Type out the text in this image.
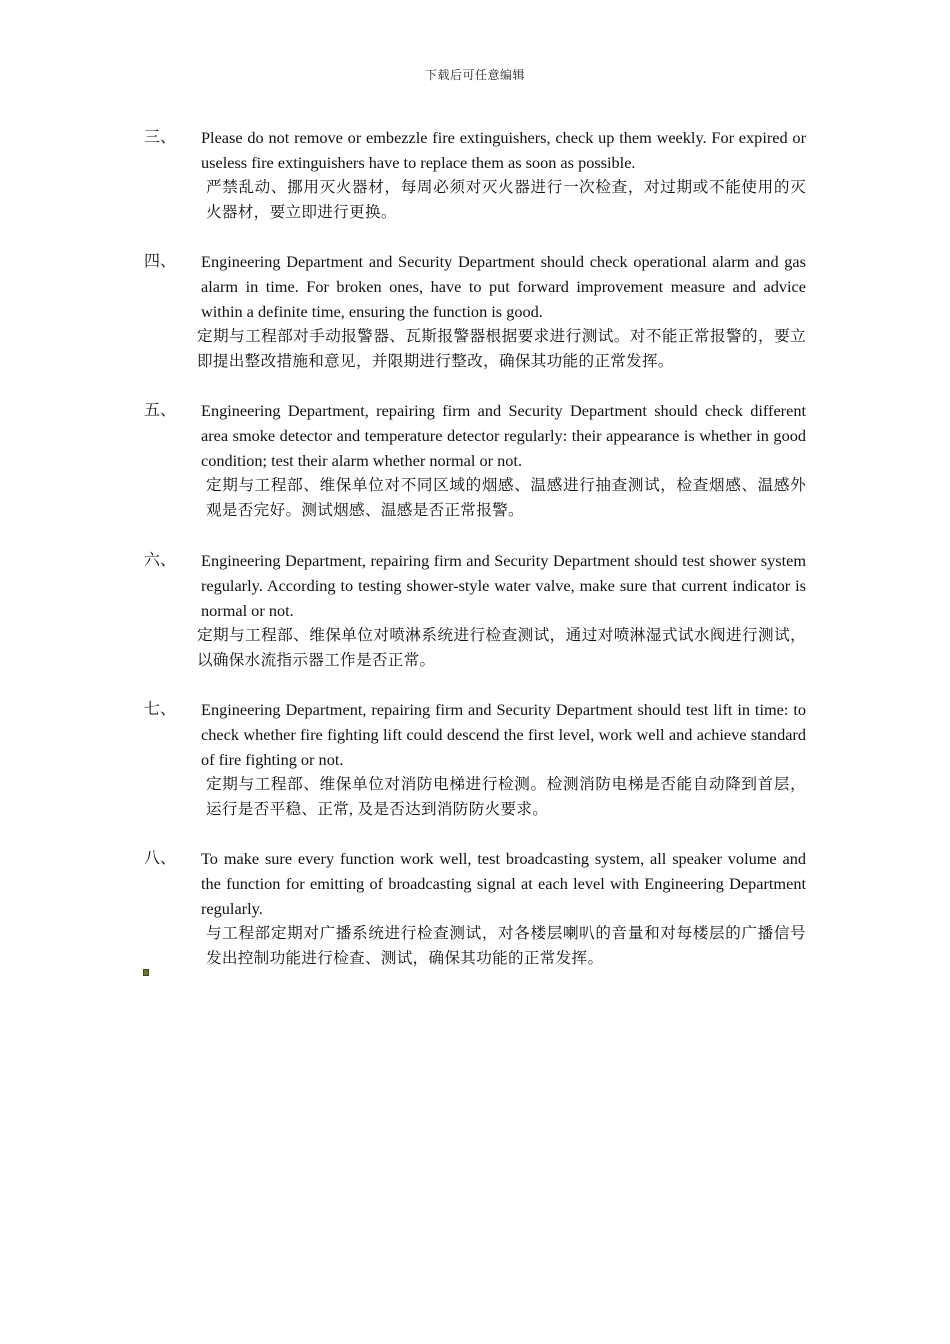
下载后可任意编辑
三、 Please do not remove or embezzle fire extinguishers, check up them weekly. For expired or useless fire extinguishers have to replace them as soon as possible.
严禁乱动、挪用灭火器材，每周必须对灭火器进行一次检查，对过期或不能使用的灭火器材，要立即进行更换。
四、 Engineering Department and Security Department should check operational alarm and gas alarm in time. For broken ones, have to put forward improvement measure and advice within a definite time, ensuring the function is good.
定期与工程部对手动报警器、瓦斯报警器根据要求进行测试。对不能正常报警的，要立即提出整改措施和意见，并限期进行整改，确保其功能的正常发挥。
五、 Engineering Department, repairing firm and Security Department should check different area smoke detector and temperature detector regularly: their appearance is whether in good condition; test their alarm whether normal or not.
定期与工程部、维保单位对不同区域的烟感、温感进行抽查测试，检查烟感、温感外观是否完好。测试烟感、温感是否正常报警。
六、 Engineering Department, repairing firm and Security Department should test shower system regularly. According to testing shower-style water valve, make sure that current indicator is normal or not.
定期与工程部、维保单位对喷淋系统进行检查测试，通过对喷淋湿式试水阀进行测试，以确保水流指示器工作是否正常。
七、 Engineering Department, repairing firm and Security Department should test lift in time: to check whether fire fighting lift could descend the first level, work well and achieve standard of fire fighting or not.
定期与工程部、维保单位对消防电梯进行检测。检测消防电梯是否能自动降到首层，运行是否平稳、正常, 及是否达到消防防火要求。
八、 To make sure every function work well, test broadcasting system, all speaker volume and the function for emitting of broadcasting signal at each level with Engineering Department regularly.
与工程部定期对广播系统进行检查测试，对各楼层喇叭的音量和对每楼层的广播信号发出控制功能进行检查、测试，确保其功能的正常发挥。
